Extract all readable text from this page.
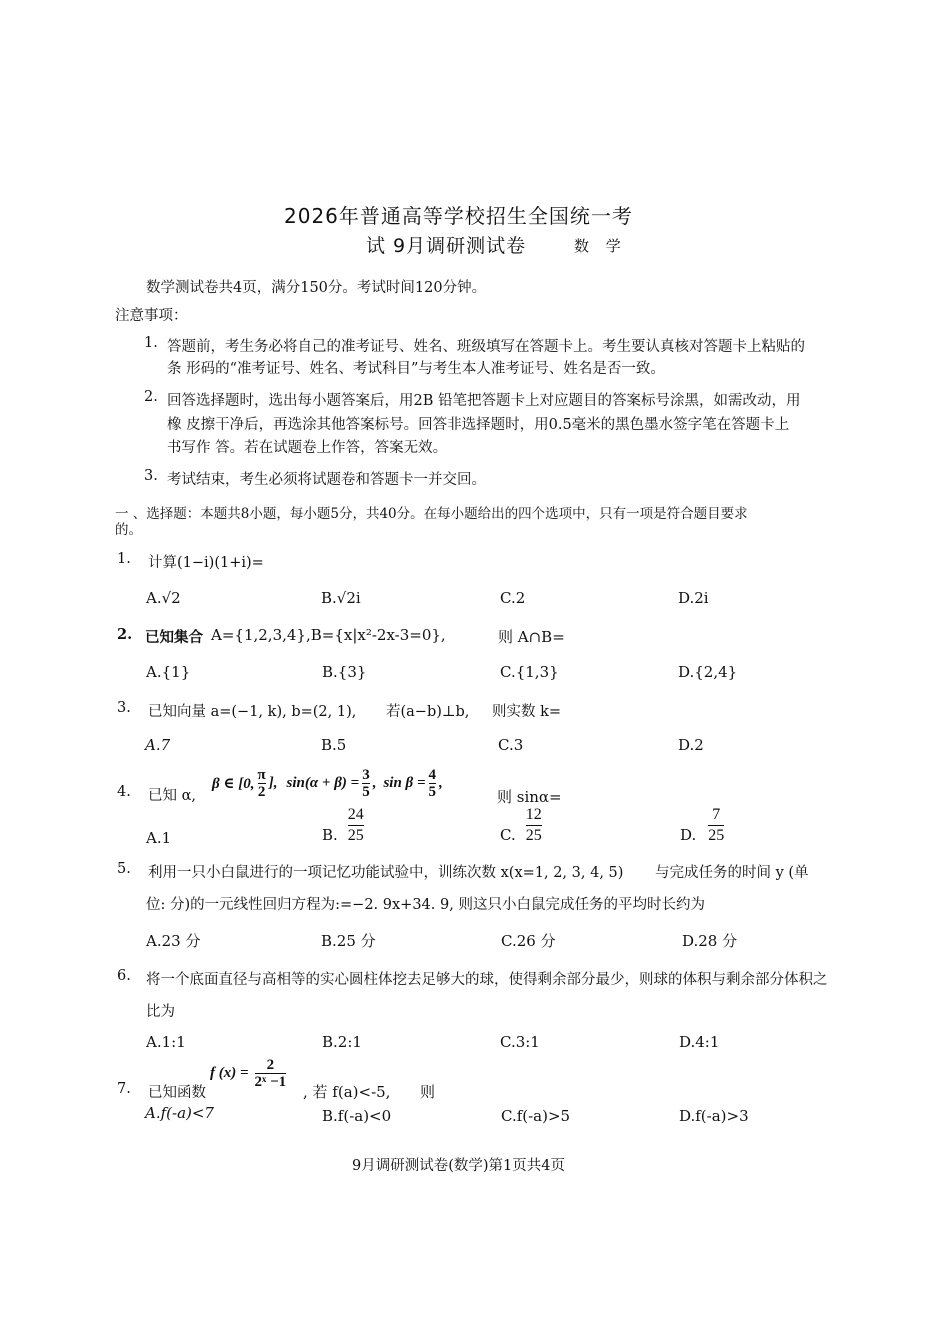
2026年普通高等学校招生全国统一考
试 9月调研测试卷	数 学
数学测试卷共4页，满分150分。考试时间120分钟。
注意事项：
1. 答题前，考生务必将自己的准考证号、姓名、班级填写在答题卡上。考生要认真核对答题卡上粘贴的
条 形码的“准考证号、姓名、考试科目”与考生本人准考证号、姓名是否一致。
2. 回答选择题时，选出每小题答案后，用2B 铅笔把答题卡上对应题目的答案标号涂黑，如需改动，用
橡 皮擦干净后，再选涂其他答案标号。回答非选择题时，用0.5毫米的黑色墨水签字笔在答题卡上
书写作 答。若在试题卷上作答，答案无效。
3. 考试结束，考生必须将试题卷和答题卡一并交回。
一 、选择题：本题共8小题，每小题5分，共40分。在每小题给出的四个选项中，只有一项是符合题目要求
的。
1. 计算(1−i)(1+i)=
A.√2	B.√2i	C.2	D.2i
2. 已知集合 A={1,2,3,4},B={x|x²-2x-3=0},	则 A∩B=
A.{1}	B.{3}	C.{1,3}	D.{2,4}
3. 已知向量 a=(−1, k), b=(2, 1), 若(a−b)⊥b, 则实数 k=
A.7	B.5	C.3	D.2
4. 已知 α,
β ∈ [0, $\frac{\pi}{2}$ ], $\sin(\alpha + \beta) = \frac{3}{5}$ , $\sin \beta = \frac{4}{5}$ ,
则 sinα=
A.1	B.
24
25	C.
12
25	D.
7
25
5. 利用一只小白鼠进行的一项记忆功能试验中，训练次数 x(x=1, 2, 3, 4, 5) 与完成任务的时间 y (单
位: 分)的一元线性回归方程为:=−2. 9x+34. 9, 则这只小白鼠完成任务的平均时长约为
A.23 分	B.25 分	C.26 分	D.28 分
6. 将一个底面直径与高相等的实心圆柱体挖去足够大的球，使得剩余部分最少，则球的体积与剩余部分体积之
比为
A.1:1	B.2:1	C.3:1	D.4:1
7. 已知函数
f $(x) = \frac{2}{\text{2ˣ −1}}$
, 若 f(a)<-5, 则
A.f(-a)<7	B.f(-a)<0	C.f(-a)>5	D.f(-a)>3
9月调研测试卷(数学)第1页共4页
